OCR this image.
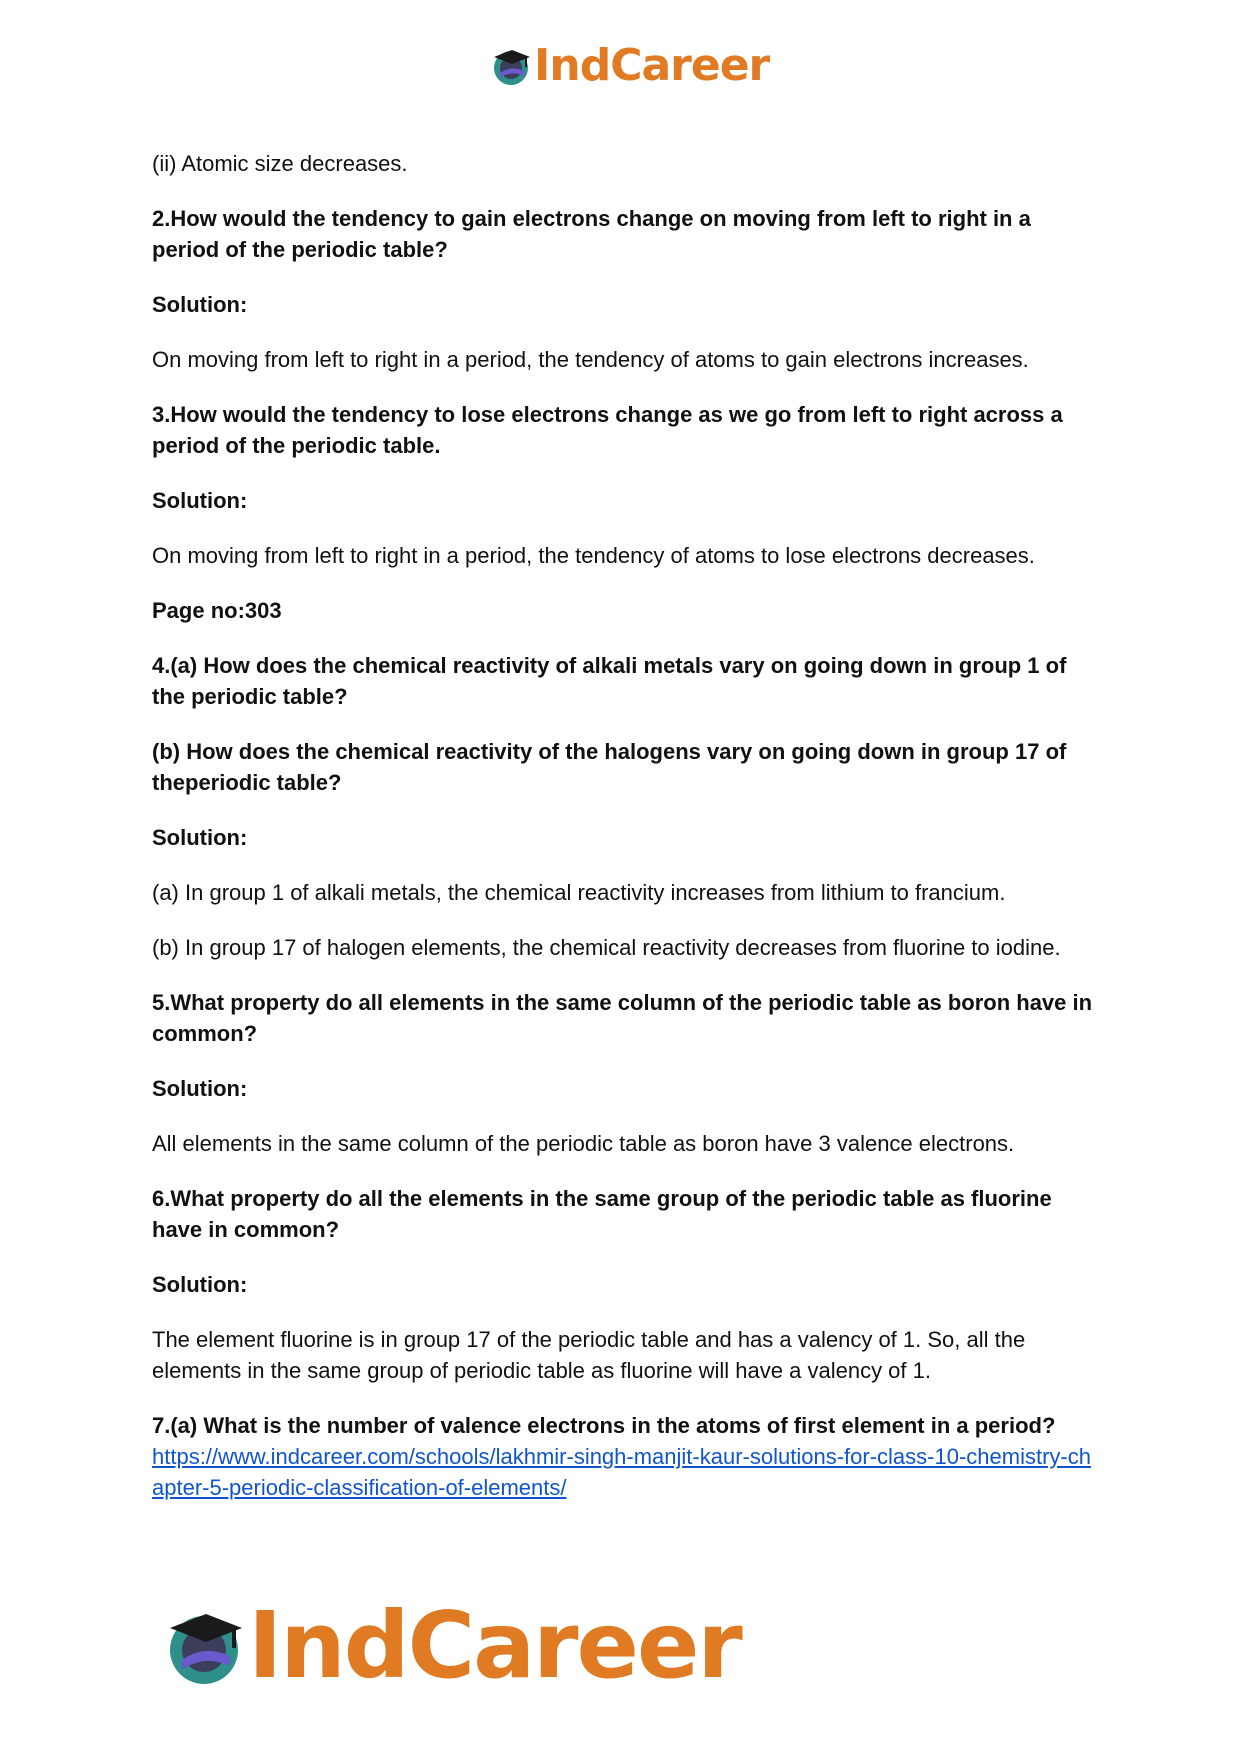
IndCareer

(ii) Atomic size decreases.

2.How would the tendency to gain electrons change on moving from left to right in a period of the periodic table?

Solution:

On moving from left to right in a period, the tendency of atoms to gain electrons increases.

3.How would the tendency to lose electrons change as we go from left to right across a period of the periodic table.

Solution:

On moving from left to right in a period, the tendency of atoms to lose electrons decreases.

Page no:303

4.(a) How does the chemical reactivity of alkali metals vary on going down in group 1 of the periodic table?

(b) How does the chemical reactivity of the halogens vary on going down in group 17 of theperiodic table?

Solution:

(a) In group 1 of alkali metals, the chemical reactivity increases from lithium to francium.

(b) In group 17 of halogen elements, the chemical reactivity decreases from fluorine to iodine.

5.What property do all elements in the same column of the periodic table as boron have in common?

Solution:

All elements in the same column of the periodic table as boron have 3 valence electrons.

6.What property do all the elements in the same group of the periodic table as fluorine have in common?

Solution:

The element fluorine is in group 17 of the periodic table and has a valency of 1. So, all the elements in the same group of periodic table as fluorine will have a valency of 1.

7.(a) What is the number of valence electrons in the atoms of first element in a period?

https://www.indcareer.com/schools/lakhmir-singh-manjit-kaur-solutions-for-class-10-chemistry-chapter-5-periodic-classification-of-elements/
IndCareer
